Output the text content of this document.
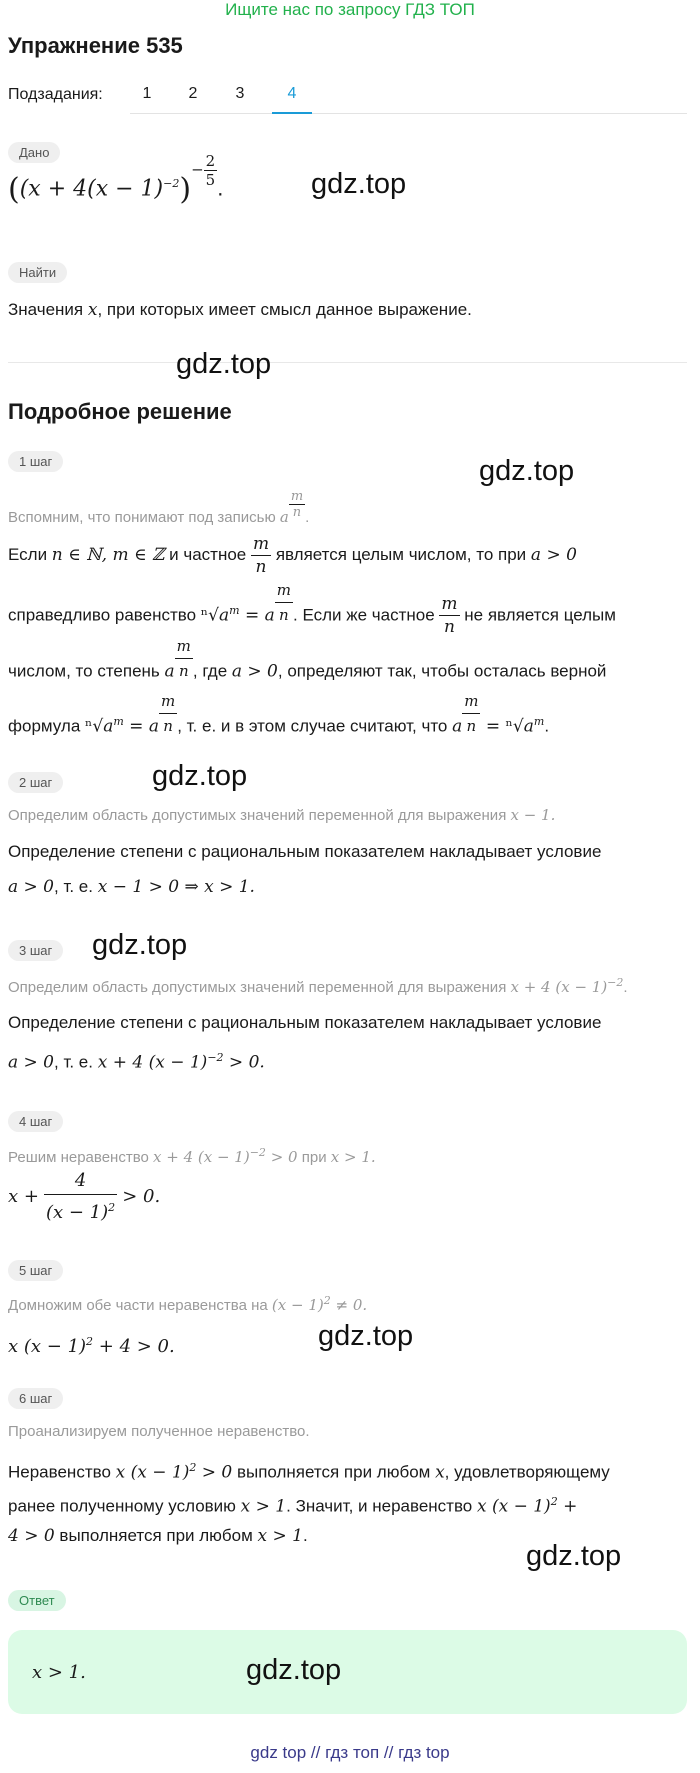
Ищите нас по запросу ГДЗ ТОП
Упражнение 535
Подзадания:	1	2	3	4
Дано
($(x + 4(x - 1)^{-2})- \frac{2}{5}$ .	gdz.top
Найти
Значения x, при которых имеет смысл данное выражение.
gdz.top
Подробное решение
1 шаг	gdz.top
Вспомним, что понимают под записью a $\frac{m}{n}$ .
Если n ∈ ℕ, m ∈ ℤ и частное $\frac{m}{n}$ является целым числом, то при a > 0
справедливо равенство $^n√a^m = a \frac{m}{n}$ . Если же частное $\frac{m}{n}$ не является целым
числом, то степень a $\frac{m}{n}$ , где a > 0, определяют так, чтобы осталась верной
формула $^n√a^m = a \frac{m}{n}$ , т. е. и в этом случае считают, что a $\frac{m}{n} = ^n√a^m$.
2 шаг	gdz.top
Определим область допустимых значений переменной для выражения x − 1.
Определение степени с рациональным показателем накладывает условие
a > 0, т. е. x − 1 > 0 ⇒ x > 1.
3 шаг	gdz.top
Определим область допустимых значений переменной для выражения x + 4 $(x - 1)^{-2}$.
Определение степени с рациональным показателем накладывает условие
a > 0, т. е. x + 4 $(x - 1)^{-2} > 0$.
4 шаг
Решим неравенство x + 4 $(x - 1)^{-2} > 0$ при x > 1.
$x + \frac{4}{(x - 1)^2} > 0$.
5 шаг
Домножим обе части неравенства на $(x - 1)^2 \ne 0$.
x $(x - 1)^2 + 4 > 0$.	gdz.top
6 шаг
Проанализируем полученное неравенство.
Неравенство x $(x - 1)^2 > 0$ выполняется при любом x, удовлетворяющему
ранее полученному условию x > 1. Значит, и неравенство x $(x - 1)^2$ +
4 > 0 выполняется при любом x > 1.
gdz.top
Ответ
x > 1.	gdz.top
gdz top // гдз топ // гдз top
